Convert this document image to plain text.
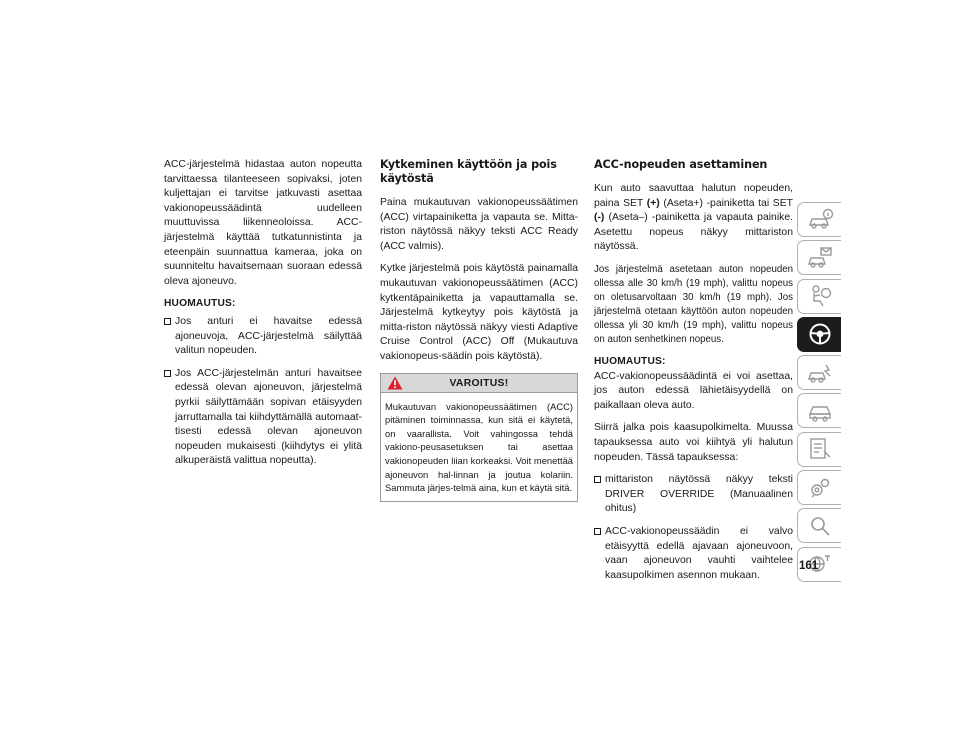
ACC-järjestelmä hidastaa auton nopeutta tarvittaessa tilanteeseen sopivaksi, joten kuljettajan ei tarvitse jatkuvasti asettaa vakionopeussäädintä uudelleen muuttuvissa liikenneoloissa. ACC-järjestelmä käyttää tutkatunnistinta ja eteenpäin suunnattua kameraa, joka on suunniteltu havaitsemaan suoraan edessä oleva ajoneuvo.

HUOMAUTUS:
Jos anturi ei havaitse edessä ajoneuvoja, ACC-järjestelmä säilyttää valitun nopeuden.
Jos ACC-järjestelmän anturi havaitsee edessä olevan ajoneuvon, järjestelmä pyrkii säilyttämään sopivan etäisyyden jarruttamalla tai kiihdyttämällä automaat-tisesti edessä olevan ajoneuvon nopeuden mukaisesti (kiihdytys ei ylitä alkuperäistä valittua nopeutta).
Kytkeminen käyttöön ja pois käytöstä

Paina mukautuvan vakionopeussäätimen (ACC) virtapainiketta ja vapauta se. Mitta-riston näytössä näkyy teksti ACC Ready (ACC valmis).

Kytke järjestelmä pois käytöstä painamalla mukautuvan vakionopeussäätimen (ACC) kytkentäpainiketta ja vapauttamalla se. Järjestelmä kytkeytyy pois käytöstä ja mitta-riston näytössä näkyy viesti Adaptive Cruise Control (ACC) Off (Mukautuva vakionopeus-säädin pois käytöstä).

VAROITUS!
Mukautuvan vakionopeussäätimen (ACC) pitäminen toiminnassa, kun sitä ei käytetä, on vaarallista. Voit vahingossa tehdä vakiono-peusasetuksen tai asettaa vakionopeuden liian korkeaksi. Voit menettää ajoneuvon hal-linnan ja joutua kolariin. Sammuta järjes-telmä aina, kun et käytä sitä.
ACC-nopeuden asettaminen

Kun auto saavuttaa halutun nopeuden, paina SET (+) (Aseta+) -painiketta tai SET (-) (Aseta–) -painiketta ja vapauta painike. Asetettu nopeus näkyy mittariston näytössä.

Jos järjestelmä asetetaan auton nopeuden ollessa alle 30 km/h (19 mph), valittu nopeus on oletusarvoltaan 30 km/h (19 mph). Jos järjestelmä otetaan käyttöön auton nopeuden ollessa yli 30 km/h (19 mph), valittu nopeus on auton senhetkinen nopeus.

HUOMAUTUS:

ACC-vakionopeussäädintä ei voi asettaa, jos auton edessä lähietäisyydellä on paikallaan oleva auto.

Siirrä jalka pois kaasupolkimelta. Muussa tapauksessa auto voi kiihtyä yli halutun nopeuden. Tässä tapauksessa:

mittariston näytössä näkyy teksti DRIVER OVERRIDE (Manuaalinen ohitus)
ACC-vakionopeussäädin ei valvo etäisyyttä edellä ajavaan ajoneuvoon, vaan ajoneuvon vauhti vaihtelee kaasupolkimen asennon mukaan.
161
